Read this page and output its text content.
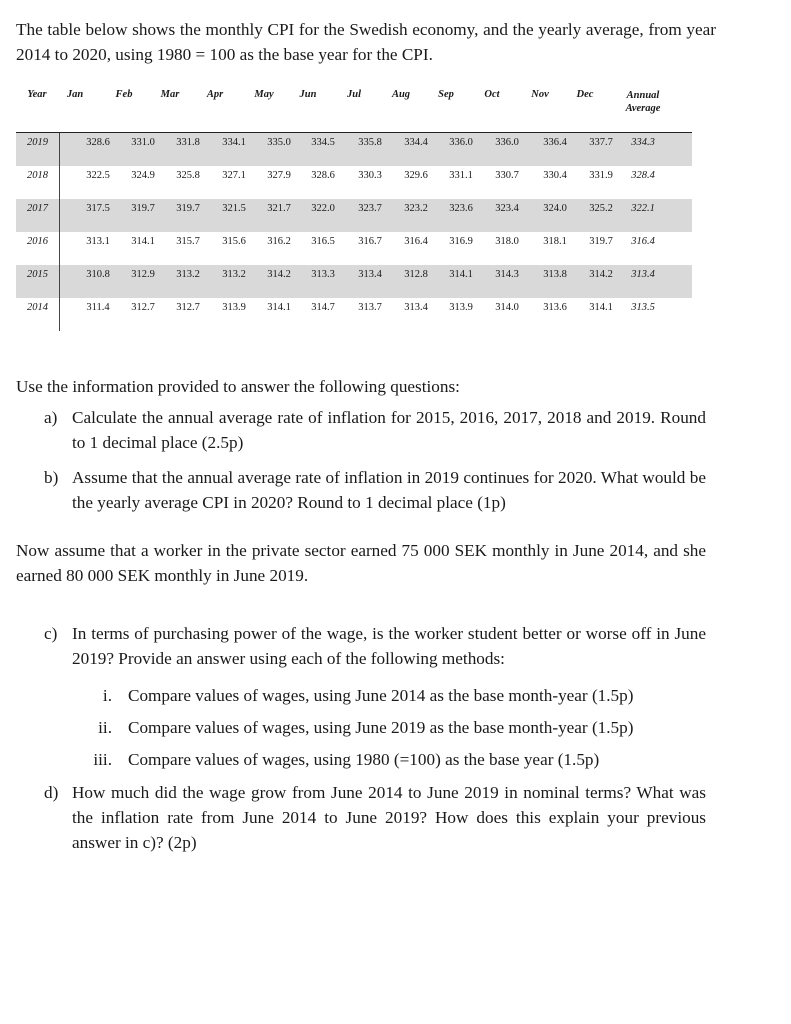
The table below shows the monthly CPI for the Swedish economy, and the yearly average, from year 2014 to 2020, using 1980 = 100 as the base year for the CPI.

Year Jan	Feb	Mar	Apr	May Jun	Jul	Aug	Sep	Oct	Nov	Dec	Annual
Average
2019	328.6 331.0 331.8 334.1 335.0 334.5 335.8 334.4 336.0 336.0 336.4 337.7 334.3
2018	322.5 324.9 325.8 327.1 327.9 328.6 330.3 329.6 331.1 330.7 330.4 331.9 328.4
2017	317.5 319.7 319.7 321.5 321.7 322.0 323.7 323.2 323.6 323.4 324.0 325.2 322.1
2016	313.1 314.1 315.7 315.6 316.2 316.5 316.7 316.4 316.9 318.0 318.1 319.7 316.4
2015	310.8 312.9 313.2 313.2 314.2 313.3 313.4 312.8 314.1 314.3 313.8 314.2 313.4
2014	311.4 312.7 312.7 313.9 314.1 314.7 313.7 313.4 313.9 314.0 313.6 314.1 313.5
Use the information provided to answer the following questions:
a) Calculate the annual average rate of inflation for 2015, 2016, 2017, 2018 and 2019. Round to 1 decimal place (2.5p)
b) Assume that the annual average rate of inflation in 2019 continues for 2020. What would be the yearly average CPI in 2020? Round to 1 decimal place (1p)

Now assume that a worker in the private sector earned 75 000 SEK monthly in June 2014, and she earned 80 000 SEK monthly in June 2019.

c) In terms of purchasing power of the wage, is the worker student better or worse off in June 2019? Provide an answer using each of the following methods:
i. Compare values of wages, using June 2014 as the base month-year (1.5p)
ii. Compare values of wages, using June 2019 as the base month-year (1.5p)
iii. Compare values of wages, using 1980 (=100) as the base year (1.5p)
d) How much did the wage grow from June 2014 to June 2019 in nominal terms? What was the inflation rate from June 2014 to June 2019? How does this explain your previous answer in c)? (2p)
